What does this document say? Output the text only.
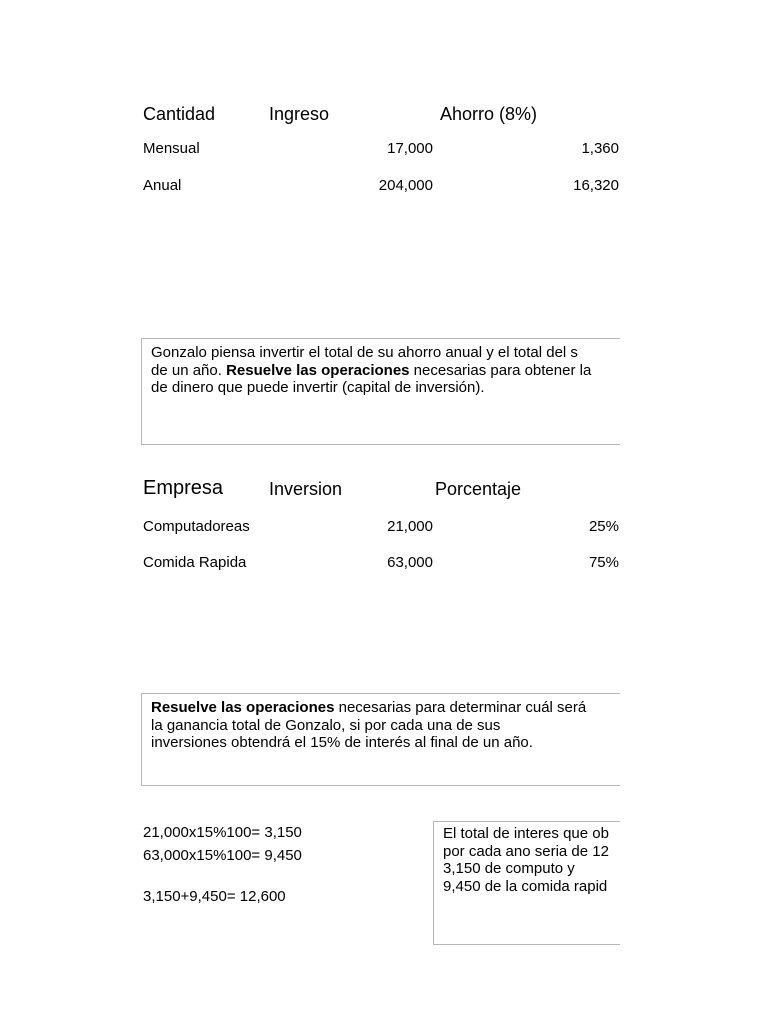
Cantidad	Ingreso	Ahorro (8%)
Mensual	17,000	1,360
Anual	204,000	16,320
Gonzalo piensa invertir el total de su ahorro anual y el total del s
de un año. Resuelve las operaciones necesarias para obtener la
de dinero que puede invertir (capital de inversión).
Empresa	Inversion	Porcentaje
Computadoreas	21,000	25%
Comida Rapida	63,000	75%
Resuelve las operaciones necesarias para determinar cuál será
la ganancia total de Gonzalo, si por cada una de sus
inversiones obtendrá el 15% de interés al final de un año.
21,000x15%100= 3,150
63,000x15%100= 9,450
3,150+9,450= 12,600
El total de interes que ob
por cada ano seria de 12
3,150 de computo y
9,450 de la comida rapid
